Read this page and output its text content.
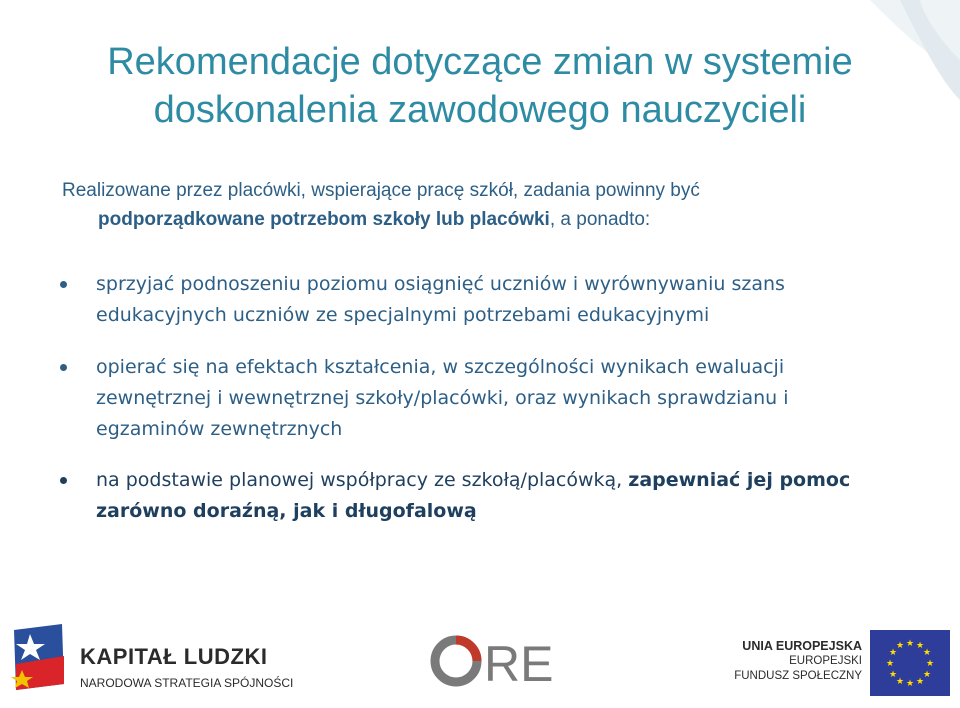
Rekomendacje dotyczące zmian w systemie
doskonalenia zawodowego nauczycieli
Realizowane przez placówki, wspierające pracę szkół, zadania powinny być
podporządkowane potrzebom szkoły lub placówki, a ponadto:
sprzyjać podnoszeniu poziomu osiągnięć uczniów i wyrównywaniu szans edukacyjnych uczniów ze specjalnymi potrzebami edukacyjnymi
opierać się na efektach kształcenia, w szczególności wynikach ewaluacji zewnętrznej i wewnętrznej szkoły/placówki, oraz wynikach sprawdzianu i egzaminów zewnętrznych
na podstawie planowej współpracy ze szkołą/placówką, zapewniać jej pomoc zarówno doraźną, jak i długofalową
KAPITAŁ LUDZKI
NARODOWA STRATEGIA SPÓJNOŚCI	RE	UNIA EUROPEJSKA
EUROPEJSKI
FUNDUSZ SPOŁECZNY
★ ★
★
★
★
★
★
★
★
★
★
★
